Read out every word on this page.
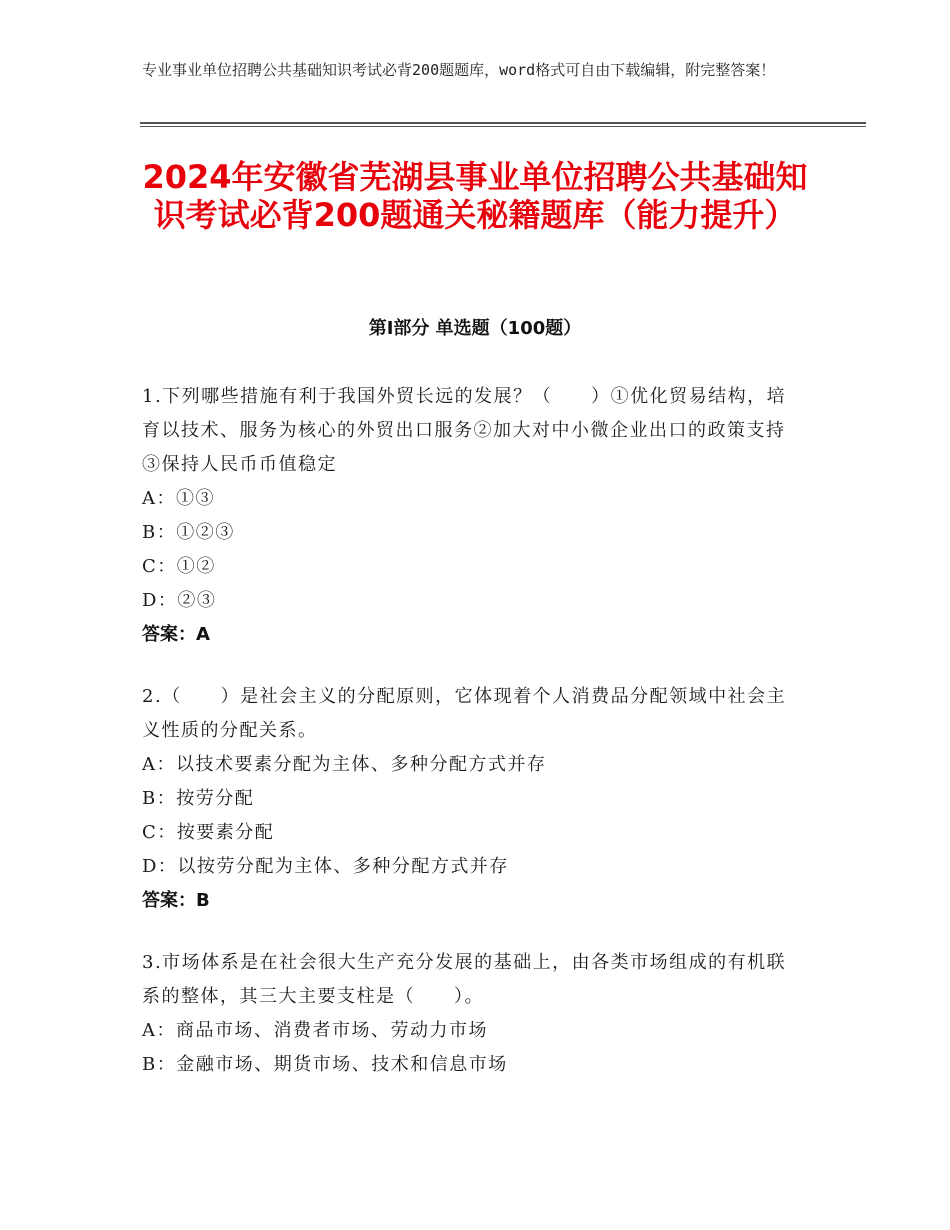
专业事业单位招聘公共基础知识考试必背200题题库，word格式可自由下载编辑，附完整答案！
2024年安徽省芜湖县事业单位招聘公共基础知识考试必背200题通关秘籍题库（能力提升）
第Ⅰ部分 单选题（100题）
1.下列哪些措施有利于我国外贸长远的发展？（　　）①优化贸易结构，培育以技术、服务为核心的外贸出口服务②加大对中小微企业出口的政策支持③保持人民币币值稳定
A：①③
B：①②③
C：①②
D：②③
答案：A
2.（　　）是社会主义的分配原则，它体现着个人消费品分配领域中社会主义性质的分配关系。
A：以技术要素分配为主体、多种分配方式并存
B：按劳分配
C：按要素分配
D：以按劳分配为主体、多种分配方式并存
答案：B
3.市场体系是在社会很大生产充分发展的基础上，由各类市场组成的有机联系的整体，其三大主要支柱是（　　）。
A：商品市场、消费者市场、劳动力市场
B：金融市场、期货市场、技术和信息市场
